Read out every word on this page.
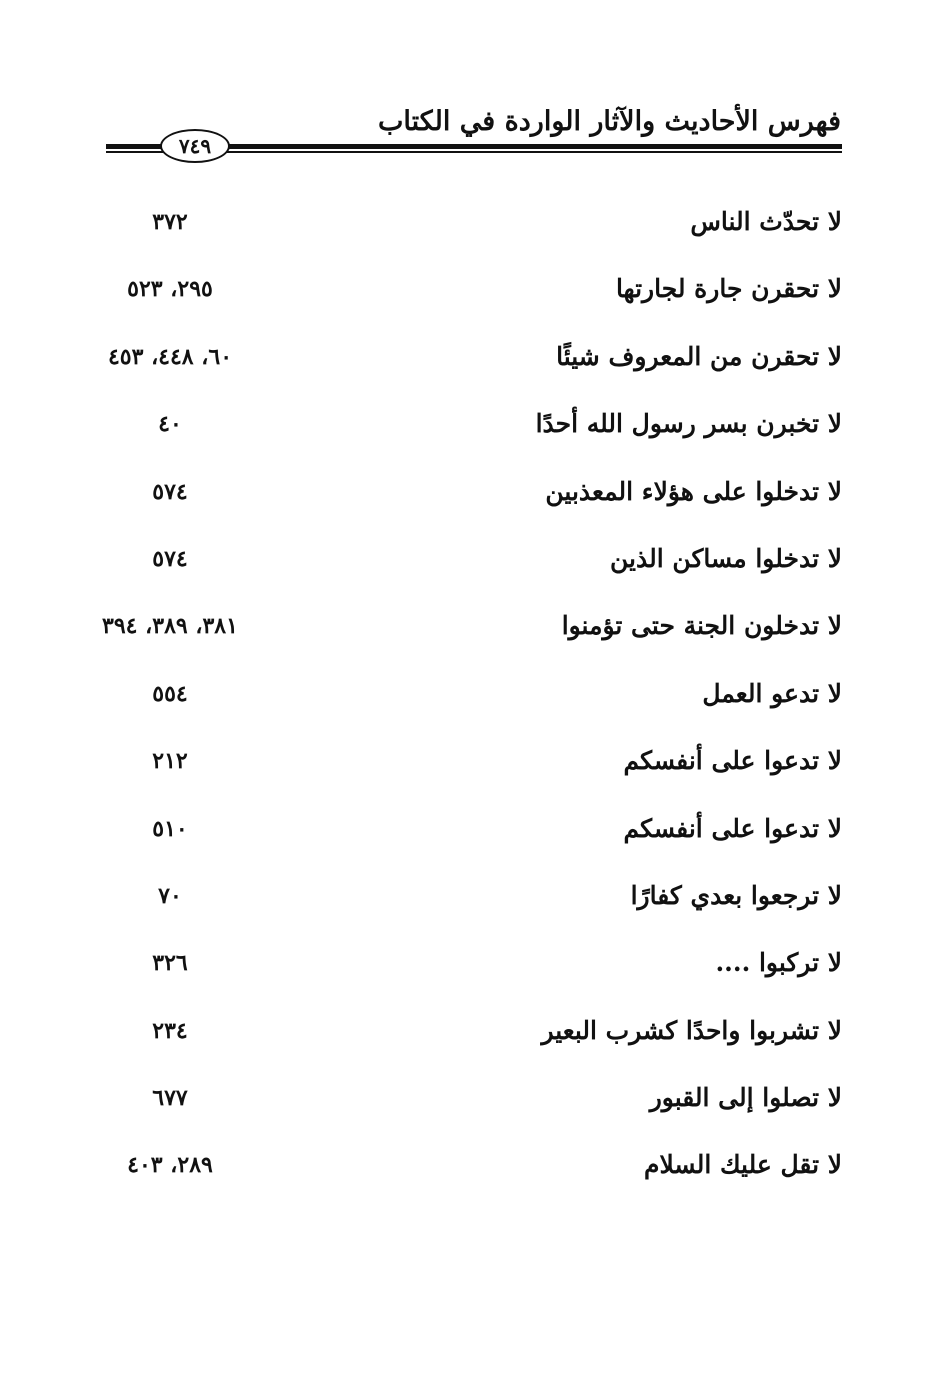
فهرس الأحاديث والآثار الواردة في الكتاب
٧٤٩
لا تحدّث الناس
٣٧٢
لا تحقرن جارة لجارتها
٢٩٥، ٥٢٣
لا تحقرن من المعروف شيئًا
٦٠، ٤٤٨، ٤٥٣
لا تخبرن بسر رسول الله أحدًا
٤٠
لا تدخلوا على هؤلاء المعذبين
٥٧٤
لا تدخلوا مساكن الذين
٥٧٤
لا تدخلون الجنة حتى تؤمنوا
٣٨١، ٣٨٩، ٣٩٤
لا تدعو العمل
٥٥٤
لا تدعوا على أنفسكم
٢١٢
لا تدعوا على أنفسكم
٥١٠
لا ترجعوا بعدي كفارًا
٧٠
لا تركبوا ....
٣٢٦
لا تشربوا واحدًا كشرب البعير
٢٣٤
لا تصلوا إلى القبور
٦٧٧
لا تقل عليك السلام
٢٨٩، ٤٠٣
